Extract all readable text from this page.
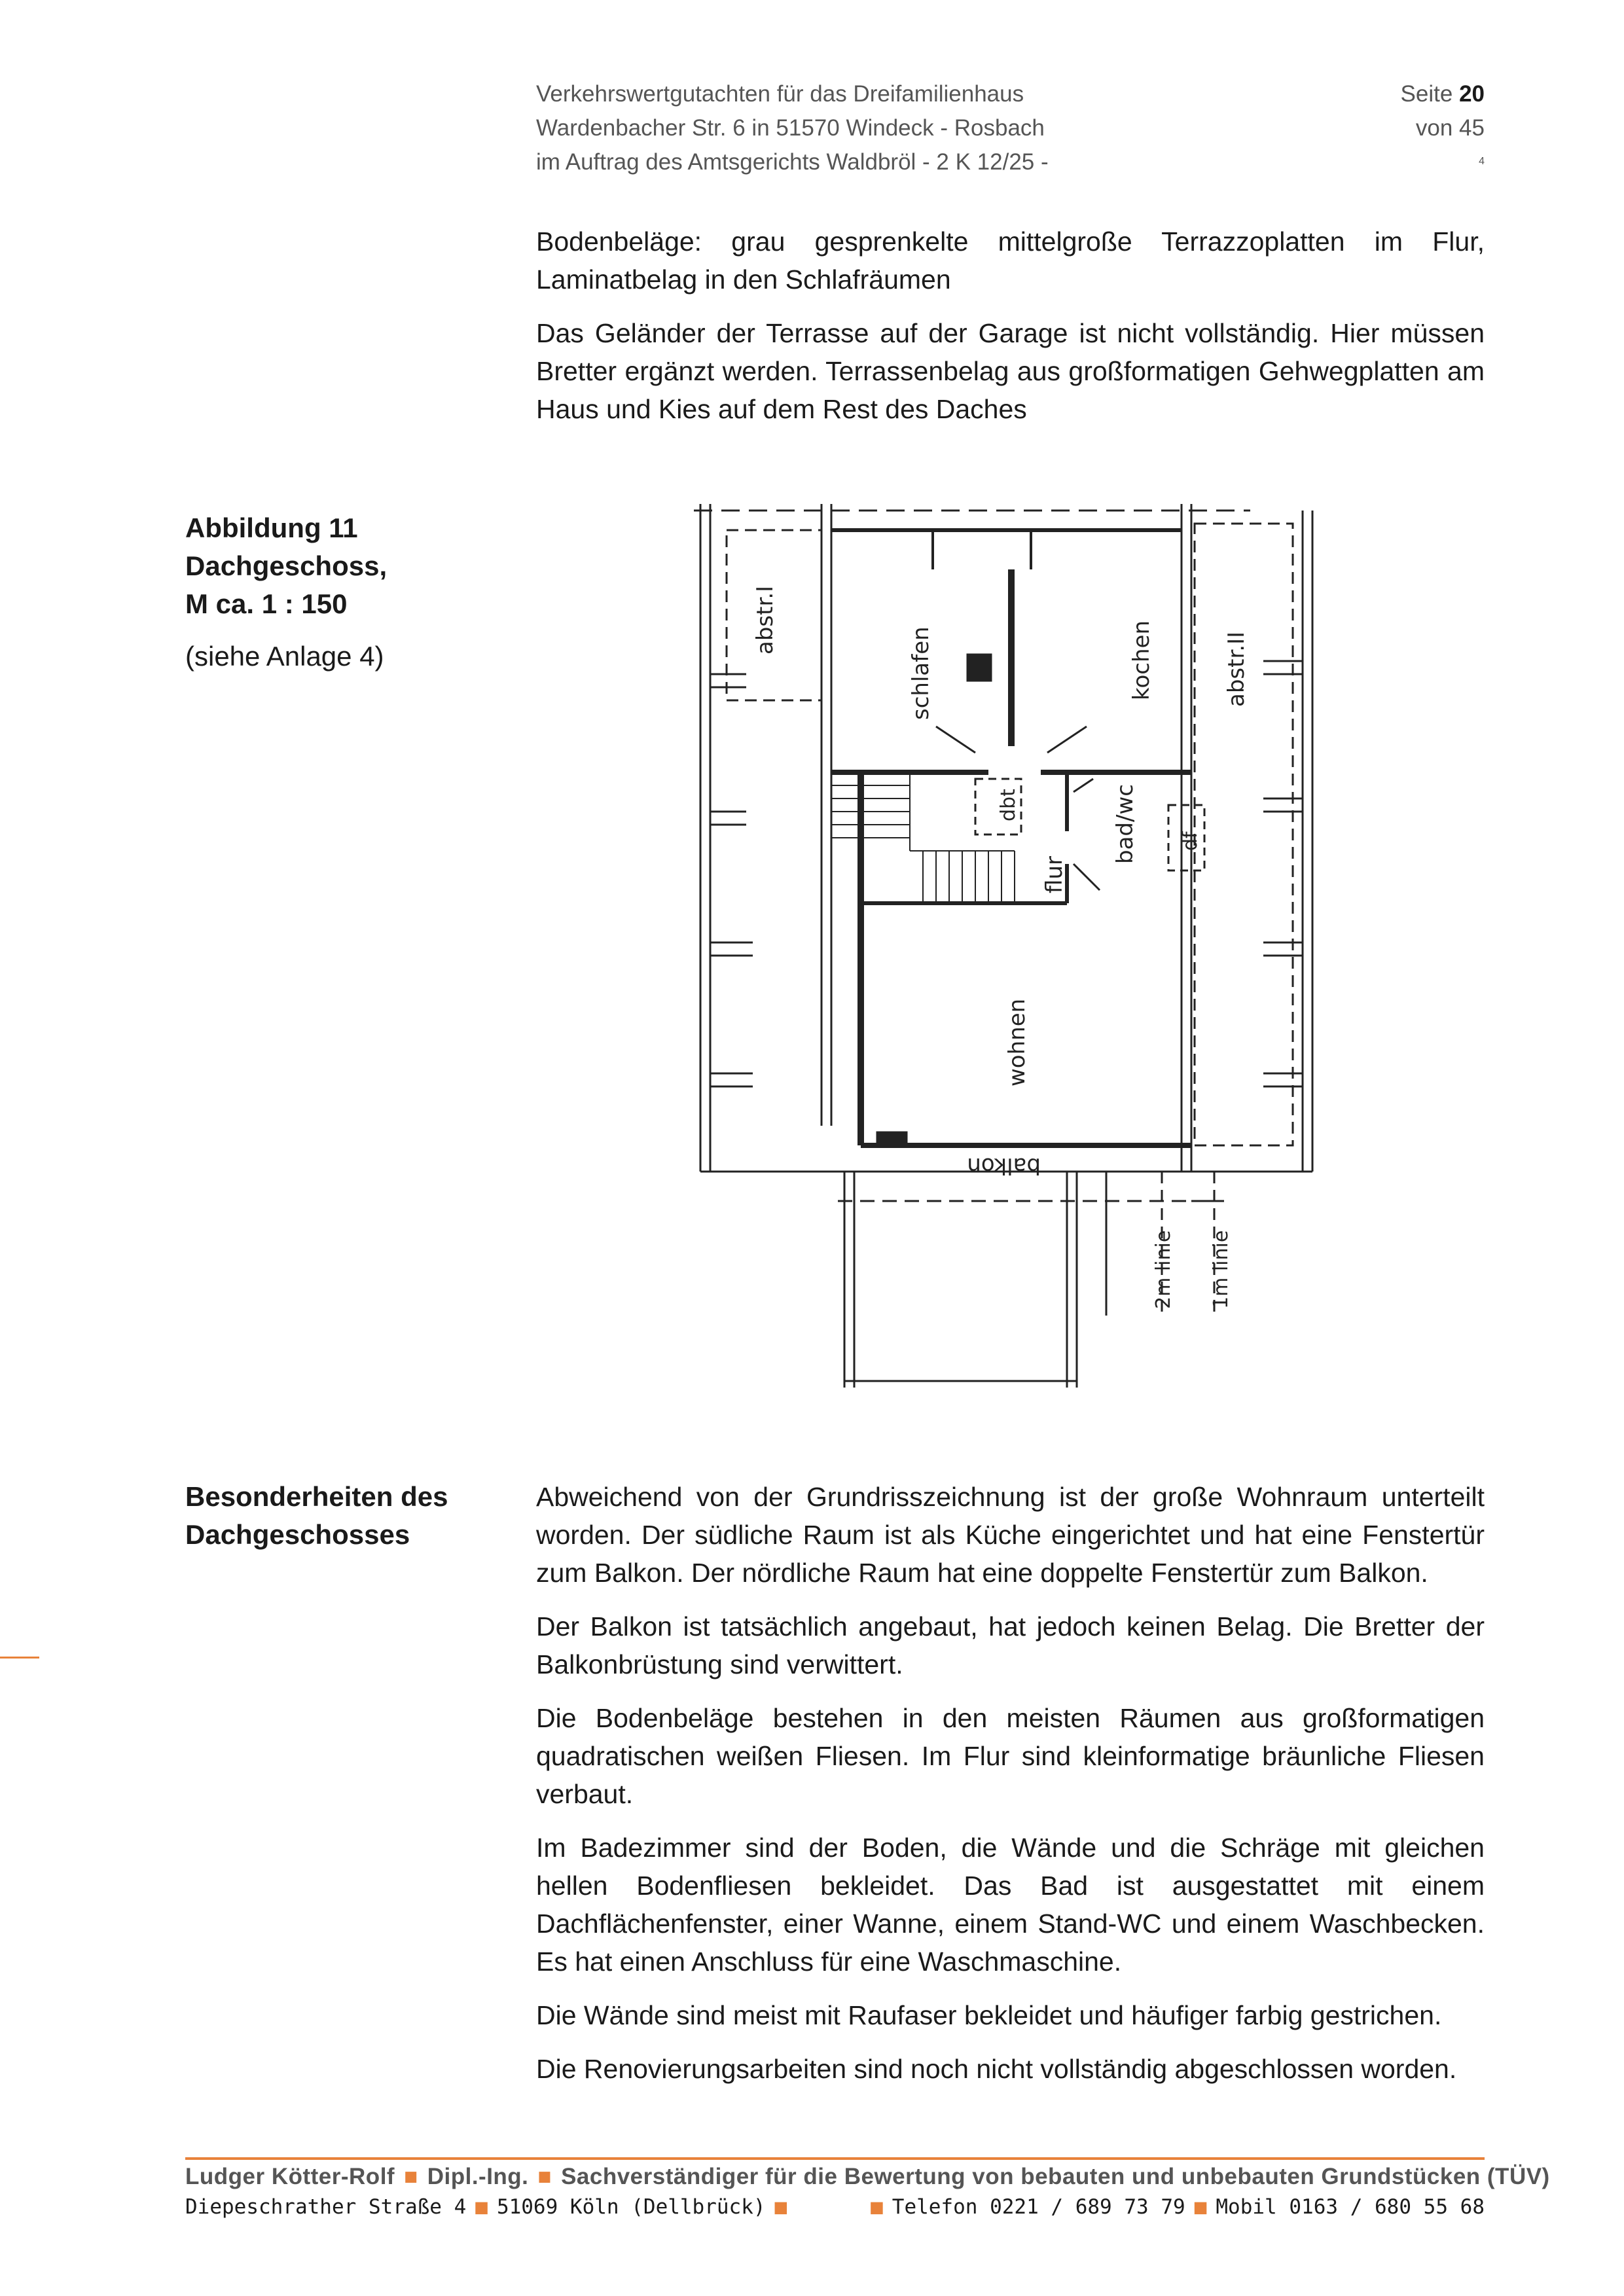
Verkehrswertgutachten für das Dreifamilienhaus
Wardenbacher Str. 6 in 51570 Windeck - Rosbach
im Auftrag des Amtsgerichts Waldbröl - 2 K 12/25 -
Seite 20
von 45
4

Bodenbeläge: grau gesprenkelte mittelgroße Terrazzoplatten im Flur, Laminatbelag in den Schlafräumen

Das Geländer der Terrasse auf der Garage ist nicht vollständig. Hier müssen Bretter ergänzt werden. Terrassenbelag aus großformatigen Gehwegplatten am Haus und Kies auf dem Rest des Daches

Abbildung 11
Dachgeschoss,
M ca. 1 : 150
(siehe Anlage 4)
abstr.I
abstr.II
schlafen	kochen
dbt
flur
bad/wc df
wohnen
balkon
2m linie 1m linie
Besonderheiten des
Dachgeschosses

Abweichend von der Grundrisszeichnung ist der große Wohnraum unterteilt worden. Der südliche Raum ist als Küche eingerichtet und hat eine Fenstertür zum Balkon. Der nördliche Raum hat eine doppelte Fenstertür zum Balkon.

Der Balkon ist tatsächlich angebaut, hat jedoch keinen Belag. Die Bretter der Balkonbrüstung sind verwittert.

Die Bodenbeläge bestehen in den meisten Räumen aus großformatigen quadratischen weißen Fliesen. Im Flur sind kleinformatige bräunliche Fliesen verbaut.

Im Badezimmer sind der Boden, die Wände und die Schräge mit gleichen hellen Bodenfliesen bekleidet. Das Bad ist ausgestattet mit einem Dachflächenfenster, einer Wanne, einem Stand-WC und einem Waschbecken. Es hat einen Anschluss für eine Waschmaschine.

Die Wände sind meist mit Raufaser bekleidet und häufiger farbig gestrichen.

Die Renovierungsarbeiten sind noch nicht vollständig abgeschlossen worden.

Ludger Kötter-Rolf ■ Dipl.-Ing. ■ Sachverständiger für die Bewertung von bebauten und unbebauten Grundstücken (TÜV)
Diepeschrather Straße 4 ■ 51069 Köln (Dellbrück) ■	■ Telefon 0221 / 689 73 79 ■ Mobil 0163 / 680 55 68
